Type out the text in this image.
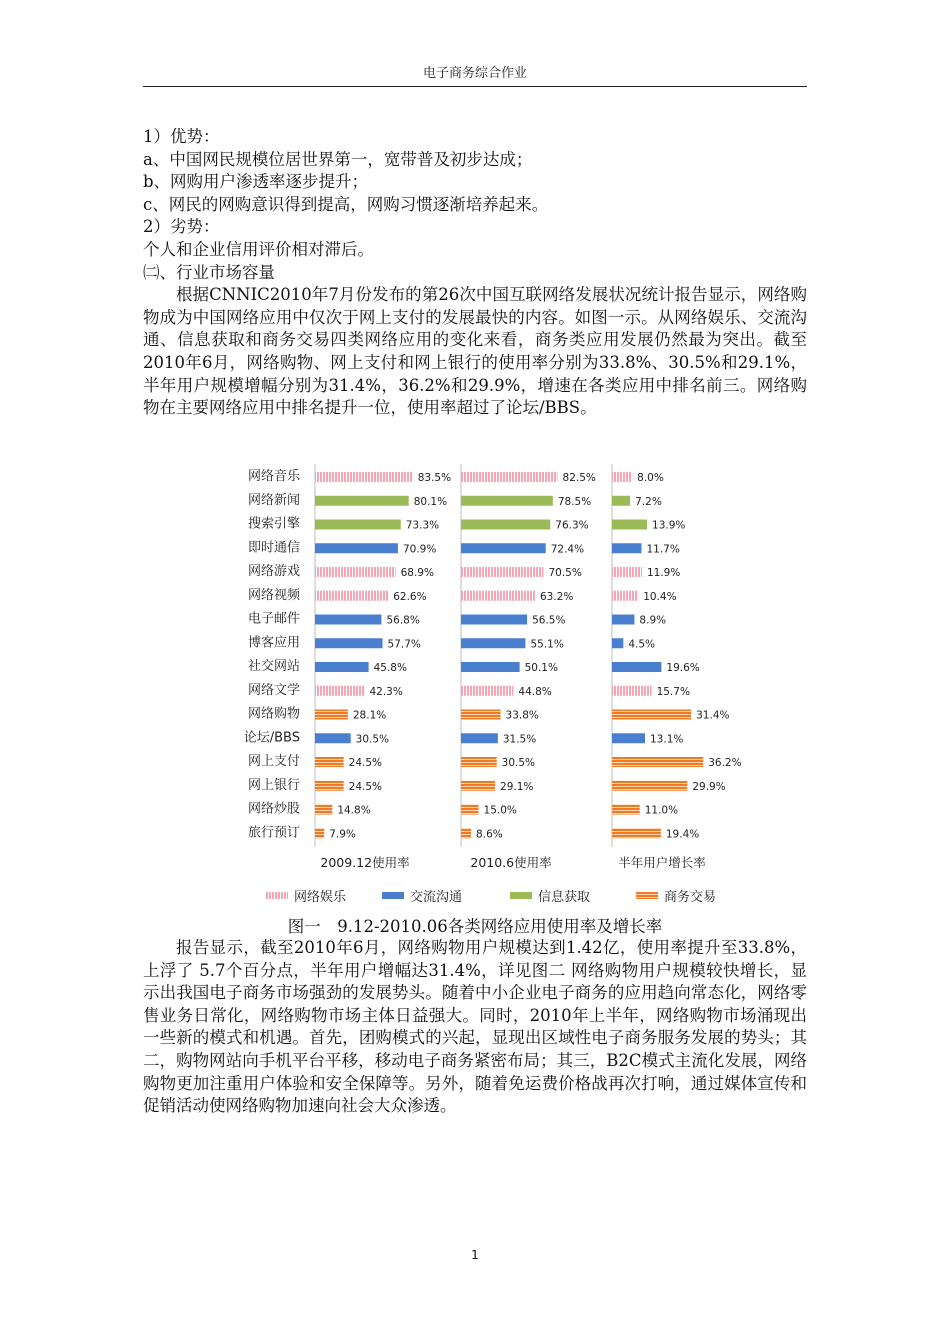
电子商务综合作业

1）优势：

a、中国网民规模位居世界第一，宽带普及初步达成；

b、网购用户渗透率逐步提升；

c、网民的网购意识得到提高，网购习惯逐渐培养起来。

2）劣势：

个人和企业信用评价相对滞后。

㈡、行业市场容量

根据CNNIC2010年7月份发布的第26次中国互联网络发展状况统计报告显示，网络购物成为中国网络应用中仅次于网上支付的发展最快的内容。如图一示。从网络娱乐、交流沟通、信息获取和商务交易四类网络应用的变化来看，商务类应用发展仍然最为突出。截至2010年6月，网络购物、网上支付和网上银行的使用率分别为33.8%、30.5%和29.1%，半年用户规模增幅分别为31.4%，36.2%和29.9%，增速在各类应用中排名前三。网络购物在主要网络应用中排名提升一位，使用率超过了论坛/BBS。

网络音乐
网络新闻
搜索引擎
即时通信
网络游戏
网络视频
电子邮件
博客应用
社交网站
网络文学
网络购物
论坛/BBS
网上支付
网上银行
网络炒股
旅行预订
83.5%
80.1%
73.3%
70.9%
68.9%
62.6%
56.8%
57.7%
45.8%
42.3%
28.1%
30.5%
24.5%
24.5%
14.8%
7.9%
2009.12使用率
82.5%
78.5%
76.3%
72.4%
70.5%
63.2%
56.5%
55.1%
50.1%
44.8%
33.8%
31.5%
30.5%
29.1%
15.0%
8.6%
2010.6使用率
8.0%
7.2%
13.9%
11.7%
11.9%
10.4%
8.9%
4.5%
19.6%
15.7%
31.4%
13.1%
36.2%
29.9%
11.0%
19.4%
半年用户增长率
网络娱乐	交流沟通	信息获取	商务交易
图一　9.12-2010.06各类网络应用使用率及增长率

报告显示，截至2010年6月，网络购物用户规模达到1.42亿，使用率提升至33.8%，上浮了 5.7个百分点，半年用户增幅达31.4%，详见图二 网络购物用户规模较快增长，显示出我国电子商务市场强劲的发展势头。随着中小企业电子商务的应用趋向常态化，网络零售业务日常化，网络购物市场主体日益强大。同时，2010年上半年，网络购物市场涌现出一些新的模式和机遇。首先，团购模式的兴起，显现出区域性电子商务服务发展的势头；其二，购物网站向手机平台平移，移动电子商务紧密布局；其三，B2C模式主流化发展，网络购物更加注重用户体验和安全保障等。另外，随着免运费价格战再次打响，通过媒体宣传和促销活动使网络购物加速向社会大众渗透。

1
